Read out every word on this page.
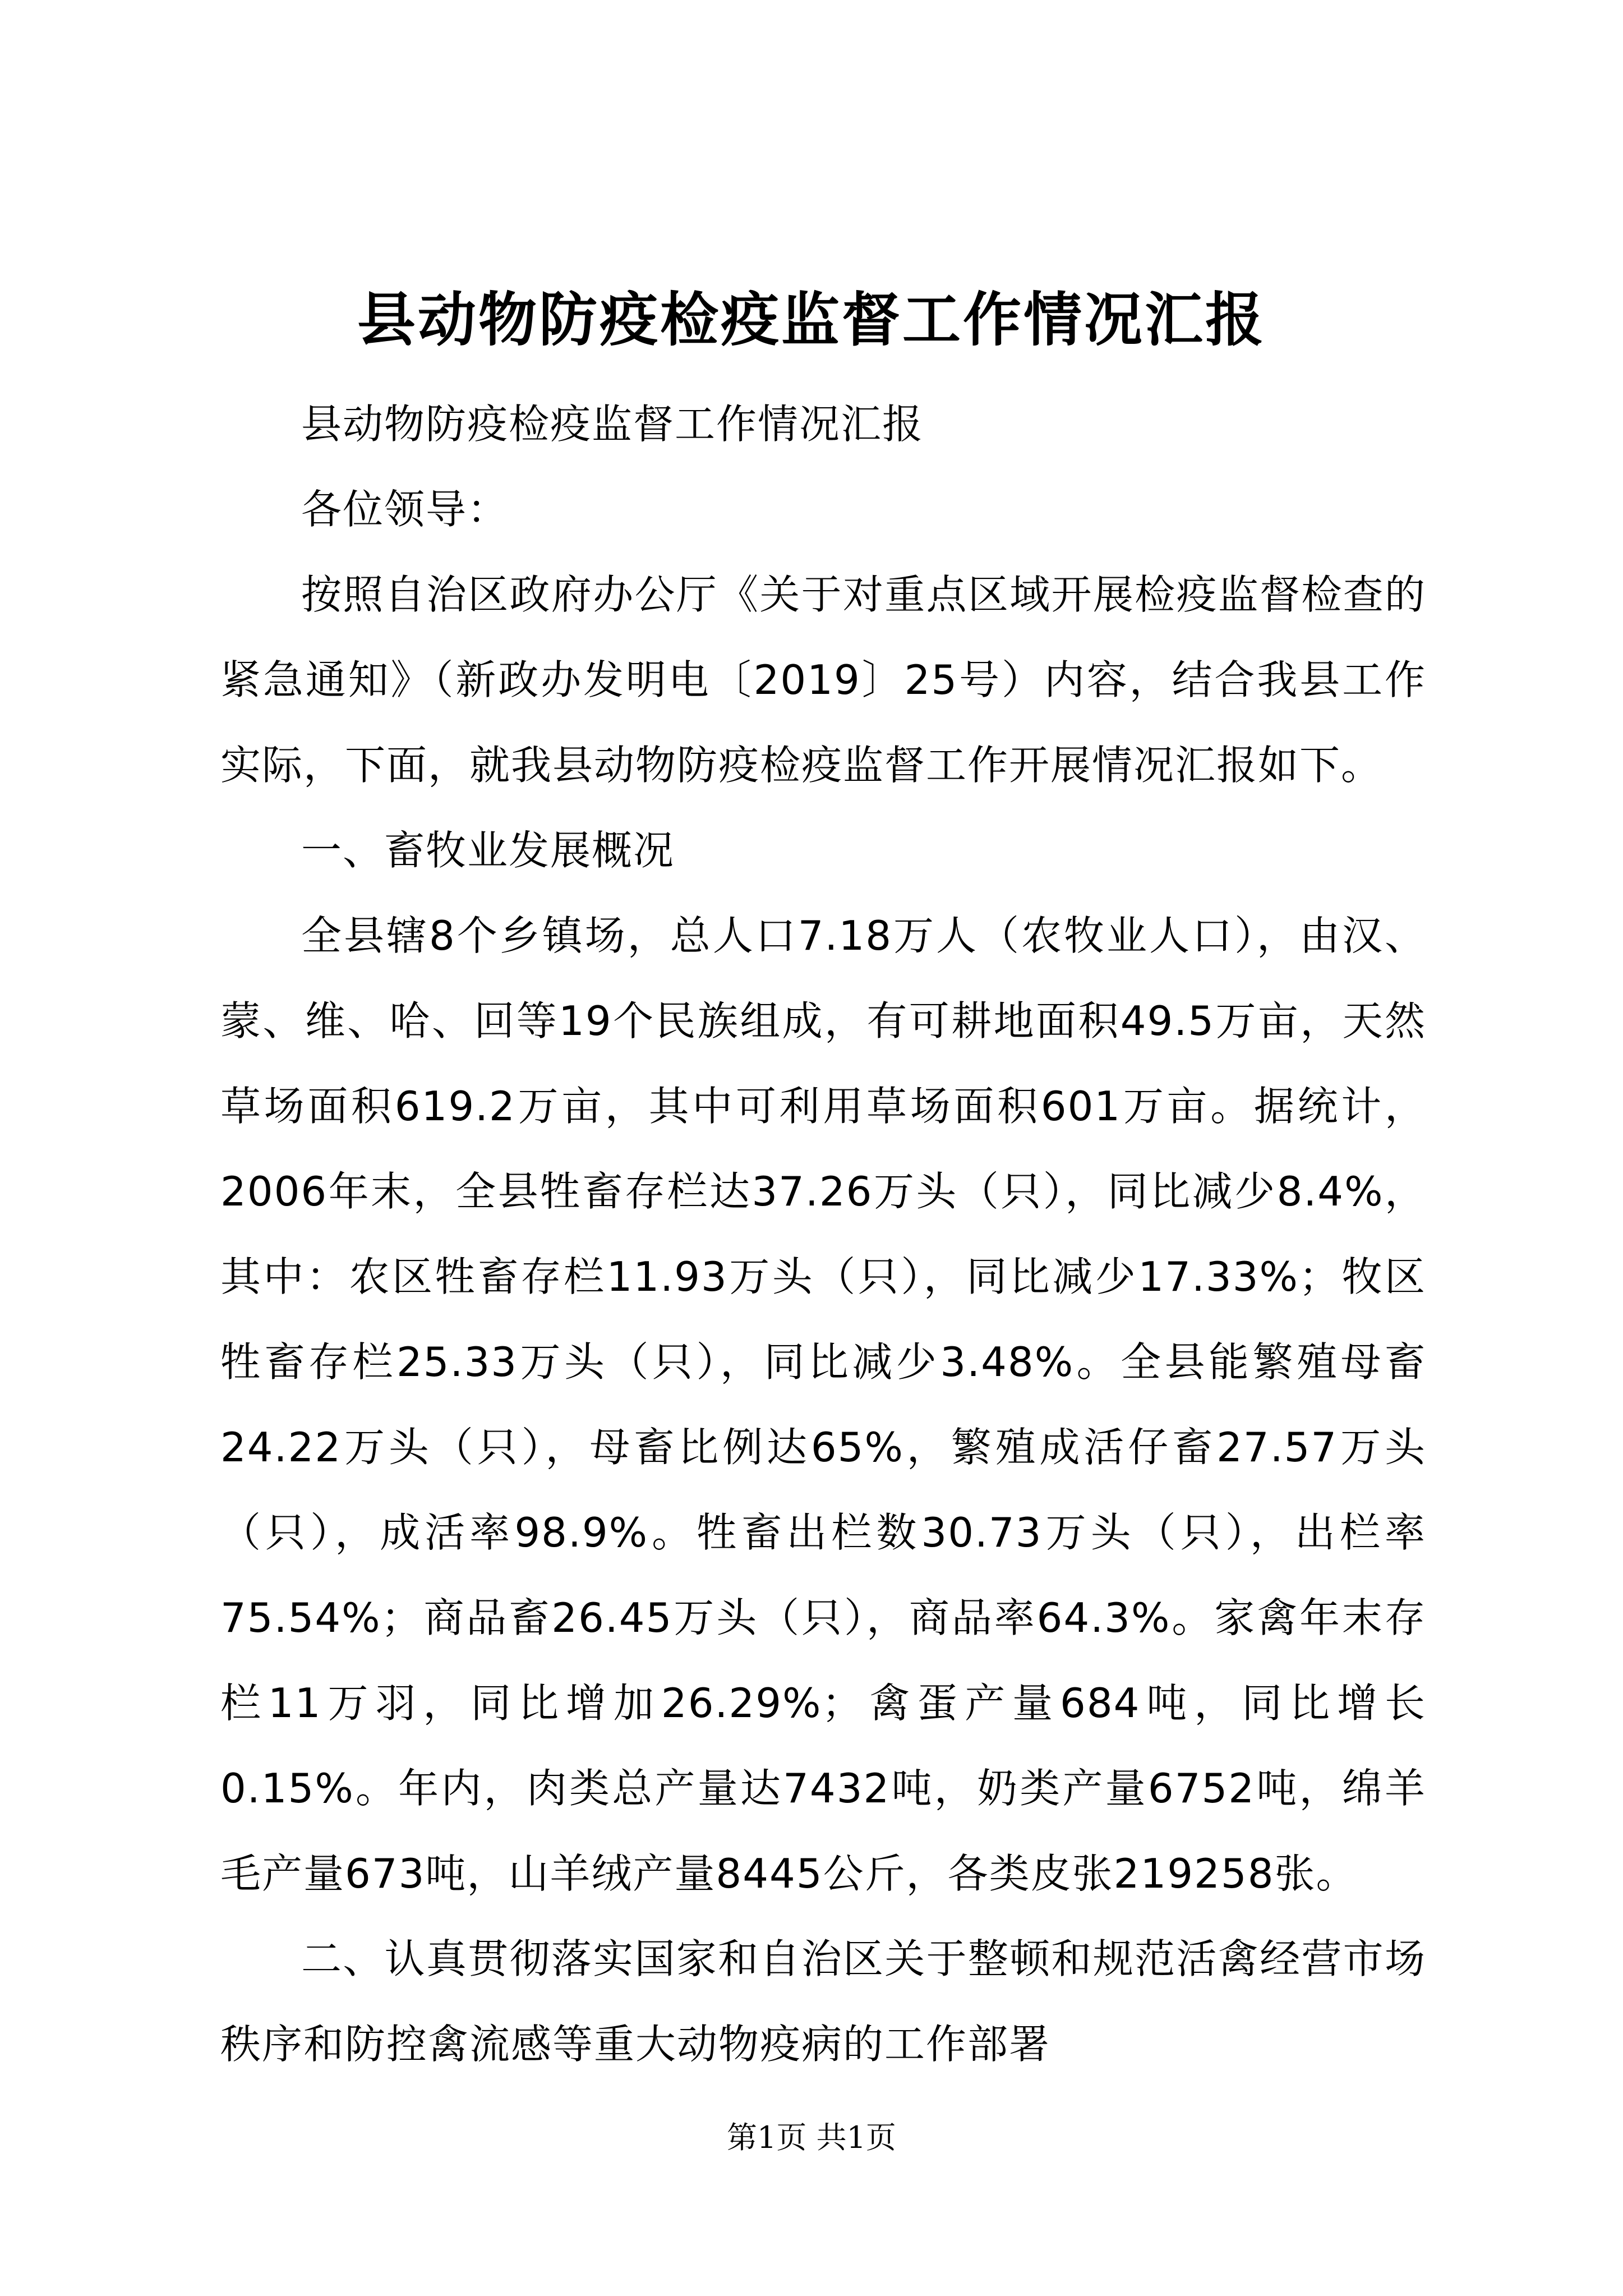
县动物防疫检疫监督工作情况汇报

县动物防疫检疫监督工作情况汇报

各位领导：

按照自治区政府办公厅《关于对重点区域开展检疫监督检查的紧急通知》（新政办发明电〔2019〕25号）内容，结合我县工作实际，下面，就我县动物防疫检疫监督工作开展情况汇报如下。

一、畜牧业发展概况

全县辖8个乡镇场，总人口7.18万人（农牧业人口），由汉、蒙、维、哈、回等19个民族组成，有可耕地面积49.5万亩，天然草场面积619.2万亩，其中可利用草场面积601万亩。据统计，2006年末，全县牲畜存栏达37.26万头（只），同比减少8.4%，其中：农区牲畜存栏11.93万头（只），同比减少17.33%；牧区牲畜存栏25.33万头（只），同比减少3.48%。全县能繁殖母畜24.22万头（只），母畜比例达65%，繁殖成活仔畜27.57万头（只），成活率98.9%。牲畜出栏数30.73万头（只），出栏率75.54%；商品畜26.45万头（只），商品率64.3%。家禽年末存栏11万羽，同比增加26.29%；禽蛋产量684吨，同比增长0.15%。年内，肉类总产量达7432吨，奶类产量6752吨，绵羊毛产量673吨，山羊绒产量8445公斤，各类皮张219258张。

二、认真贯彻落实国家和自治区关于整顿和规范活禽经营市场秩序和防控禽流感等重大动物疫病的工作部署

第1页 共1页
